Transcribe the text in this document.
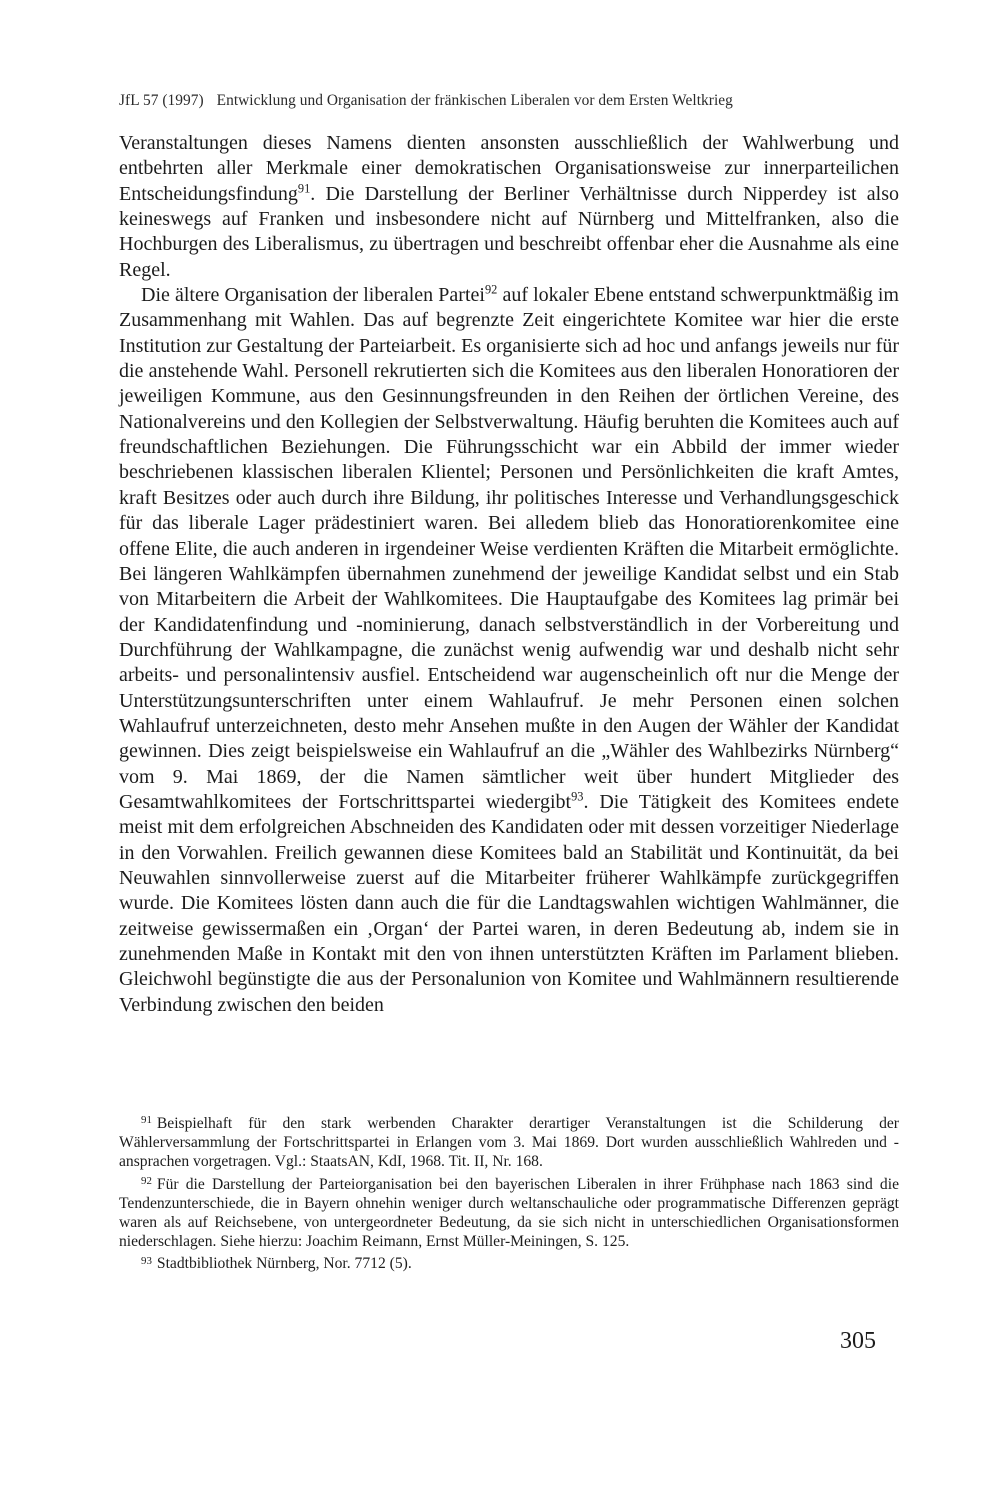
JfL 57 (1997) Entwicklung und Organisation der fränkischen Liberalen vor dem Ersten Weltkrieg

Veranstaltungen dieses Namens dienten ansonsten ausschließlich der Wahlwerbung und entbehrten aller Merkmale einer demokratischen Organisationsweise zur innerparteilichen Entscheidungsfindung$^{91}$. Die Darstellung der Berliner Verhältnisse durch Nipperdey ist also keineswegs auf Franken und insbesondere nicht auf Nürnberg und Mittelfranken, also die Hochburgen des Liberalismus, zu übertragen und beschreibt offenbar eher die Ausnahme als eine Regel.

Die ältere Organisation der liberalen Partei$^{92}$ auf lokaler Ebene entstand schwerpunktmäßig im Zusammenhang mit Wahlen. Das auf begrenzte Zeit eingerichtete Komitee war hier die erste Institution zur Gestaltung der Parteiarbeit. Es organisierte sich ad hoc und anfangs jeweils nur für die anstehende Wahl. Personell rekrutierten sich die Komitees aus den liberalen Honoratioren der jeweiligen Kommune, aus den Gesinnungsfreunden in den Reihen der örtlichen Vereine, des Nationalvereins und den Kollegien der Selbstverwaltung. Häufig beruhten die Komitees auch auf freundschaftlichen Beziehungen. Die Führungsschicht war ein Abbild der immer wieder beschriebenen klassischen liberalen Klientel; Personen und Persönlichkeiten die kraft Amtes, kraft Besitzes oder auch durch ihre Bildung, ihr politisches Interesse und Verhandlungsgeschick für das liberale Lager prädestiniert waren. Bei alledem blieb das Honoratiorenkomitee eine offene Elite, die auch anderen in irgendeiner Weise verdienten Kräften die Mitarbeit ermöglichte. Bei längeren Wahlkämpfen übernahmen zunehmend der jeweilige Kandidat selbst und ein Stab von Mitarbeitern die Arbeit der Wahlkomitees. Die Hauptaufgabe des Komitees lag primär bei der Kandidatenfindung und -nominierung, danach selbstverständlich in der Vorbereitung und Durchführung der Wahlkampagne, die zunächst wenig aufwendig war und deshalb nicht sehr arbeits- und personalintensiv ausfiel. Entscheidend war augenscheinlich oft nur die Menge der Unterstützungsunterschriften unter einem Wahlaufruf. Je mehr Personen einen solchen Wahlaufruf unterzeichneten, desto mehr Ansehen mußte in den Augen der Wähler der Kandidat gewinnen. Dies zeigt beispielsweise ein Wahlaufruf an die „Wähler des Wahlbezirks Nürnberg“ vom 9. Mai 1869, der die Namen sämtlicher weit über hundert Mitglieder des Gesamtwahlkomitees der Fortschrittspartei wiedergibt$^{93}$. Die Tätigkeit des Komitees endete meist mit dem erfolgreichen Abschneiden des Kandidaten oder mit dessen vorzeitiger Niederlage in den Vorwahlen. Freilich gewannen diese Komitees bald an Stabilität und Kontinuität, da bei Neuwahlen sinnvollerweise zuerst auf die Mitarbeiter früherer Wahlkämpfe zurückgegriffen wurde. Die Komitees lösten dann auch die für die Landtagswahlen wichtigen Wahlmänner, die zeitweise gewissermaßen ein ‚Organ‘ der Partei waren, in deren Bedeutung ab, indem sie in zunehmenden Maße in Kontakt mit den von ihnen unterstützten Kräften im Parlament blieben. Gleichwohl begünstigte die aus der Personalunion von Komitee und Wahlmännern resultierende Verbindung zwischen den beiden

$^{91}$ Beispielhaft für den stark werbenden Charakter derartiger Veranstaltungen ist die Schilderung der Wählerversammlung der Fortschrittspartei in Erlangen vom 3. Mai 1869. Dort wurden ausschließlich Wahlreden und -ansprachen vorgetragen. Vgl.: StaatsAN, KdI, 1968. Tit. II, Nr. 168.

$^{92}$ Für die Darstellung der Parteiorganisation bei den bayerischen Liberalen in ihrer Frühphase nach 1863 sind die Tendenzunterschiede, die in Bayern ohnehin weniger durch weltanschauliche oder programmatische Differenzen geprägt waren als auf Reichsebene, von untergeordneter Bedeutung, da sie sich nicht in unterschiedlichen Organisationsformen niederschlagen. Siehe hierzu: Joachim Reimann, Ernst Müller-Meiningen, S. 125.

$^{93}$ Stadtbibliothek Nürnberg, Nor. 7712 (5).

305
